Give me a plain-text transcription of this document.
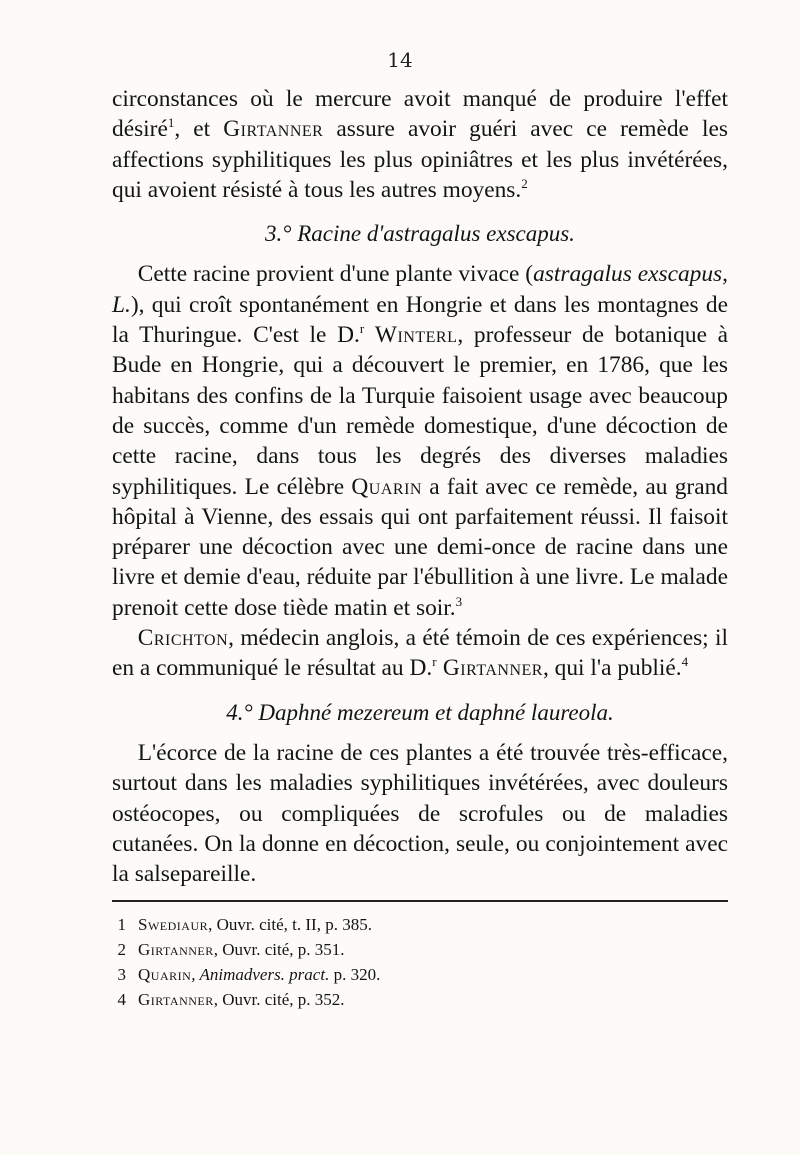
14

circonstances où le mercure avoit manqué de produire l'effet désiré$^1$, et Girtanner assure avoir guéri avec ce remède les affections syphilitiques les plus opiniâtres et les plus invétérées, qui avoient résisté à tous les autres moyens.$^2$

3.° Racine d'astragalus exscapus.

Cette racine provient d'une plante vivace (astragalus exscapus, L.), qui croît spontanément en Hongrie et dans les montagnes de la Thuringue. C'est le D.$^r$ Winterl, professeur de botanique à Bude en Hongrie, qui a découvert le premier, en 1786, que les habitans des confins de la Turquie faisoient usage avec beaucoup de succès, comme d'un remède domestique, d'une décoction de cette racine, dans tous les degrés des diverses maladies syphilitiques. Le célèbre Quarin a fait avec ce remède, au grand hôpital à Vienne, des essais qui ont parfaitement réussi. Il faisoit préparer une décoction avec une demi-once de racine dans une livre et demie d'eau, réduite par l'ébullition à une livre. Le malade prenoit cette dose tiède matin et soir.$^3$

Crichton, médecin anglois, a été témoin de ces expériences; il en a communiqué le résultat au D.$^r$ Girtanner, qui l'a publié.$^4$

4.° Daphné mezereum et daphné laureola.

L'écorce de la racine de ces plantes a été trouvée très-efficace, surtout dans les maladies syphilitiques invétérées, avec douleurs ostéocopes, ou compliquées de scrofules ou de maladies cutanées. On la donne en décoction, seule, ou conjointement avec la salsepareille.

1 Swediaur, Ouvr. cité, t. II, p. 385.
2 Girtanner, Ouvr. cité, p. 351.
3 Quarin, Animadvers. pract. p. 320.
4 Girtanner, Ouvr. cité, p. 352.
